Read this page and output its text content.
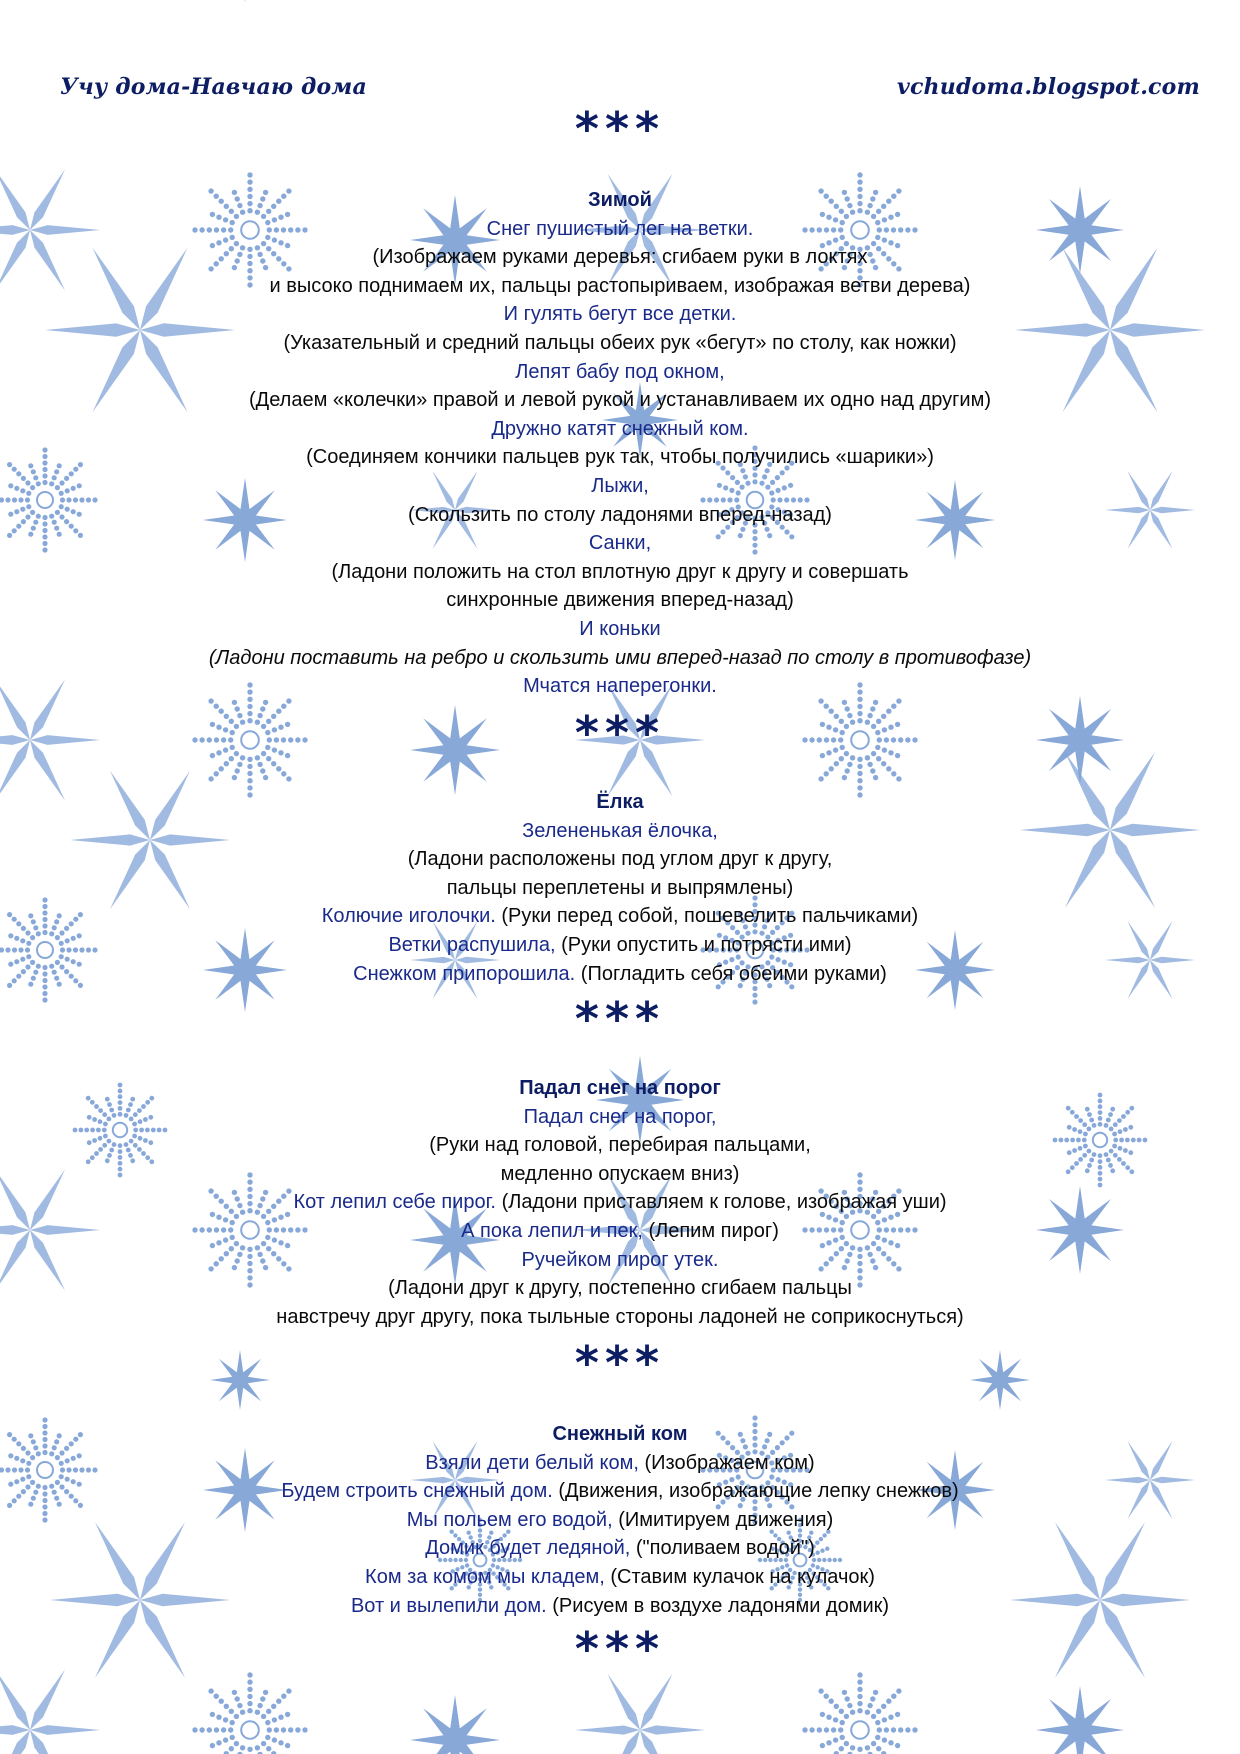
Учу дома-Навчаю дома	vchudoma.blogspot.com
***
Зимой
Снег пушистый лег на ветки.
(Изображаем руками деревья: сгибаем руки в локтях
и высоко поднимаем их, пальцы растопыриваем, изображая ветви дерева)
И гулять бегут все детки.
(Указательный и средний пальцы обеих рук «бегут» по столу, как ножки)
Лепят бабу под окном,
(Делаем «колечки» правой и левой рукой и устанавливаем их одно над другим)
Дружно катят снежный ком.
(Соединяем кончики пальцев рук так, чтобы получились «шарики»)
Лыжи,
(Скользить по столу ладонями вперед-назад)
Санки,
(Ладони положить на стол вплотную друг к другу и совершать
синхронные движения вперед-назад)
И коньки
(Ладони поставить на ребро и скользить ими вперед-назад по столу в противофазе)
Мчатся наперегонки.
***
Ёлка
Зелененькая ёлочка,
(Ладони расположены под углом друг к другу,
пальцы переплетены и выпрямлены)
Колючие иголочки. (Руки перед собой, пошевелить пальчиками)
Ветки распушила, (Руки опустить и потрясти ими)
Снежком припорошила. (Погладить себя обеими руками)
***
Падал снег на порог
Падал снег на порог,
(Руки над головой, перебирая пальцами,
медленно опускаем вниз)
Кот лепил себе пирог. (Ладони приставляем к голове, изображая уши)
А пока лепил и пек, (Лепим пирог)
Ручейком пирог утек.
(Ладони друг к другу, постепенно сгибаем пальцы
навстречу друг другу, пока тыльные стороны ладоней не соприкоснуться)
***
Снежный ком
Взяли дети белый ком, (Изображаем ком)
Будем строить снежный дом. (Движения, изображающие лепку снежков)
Мы польем его водой, (Имитируем движения)
Домик будет ледяной, ("поливаем водой")
Ком за комом мы кладем, (Ставим кулачок на кулачок)
Вот и вылепили дом. (Рисуем в воздухе ладонями домик)
***
